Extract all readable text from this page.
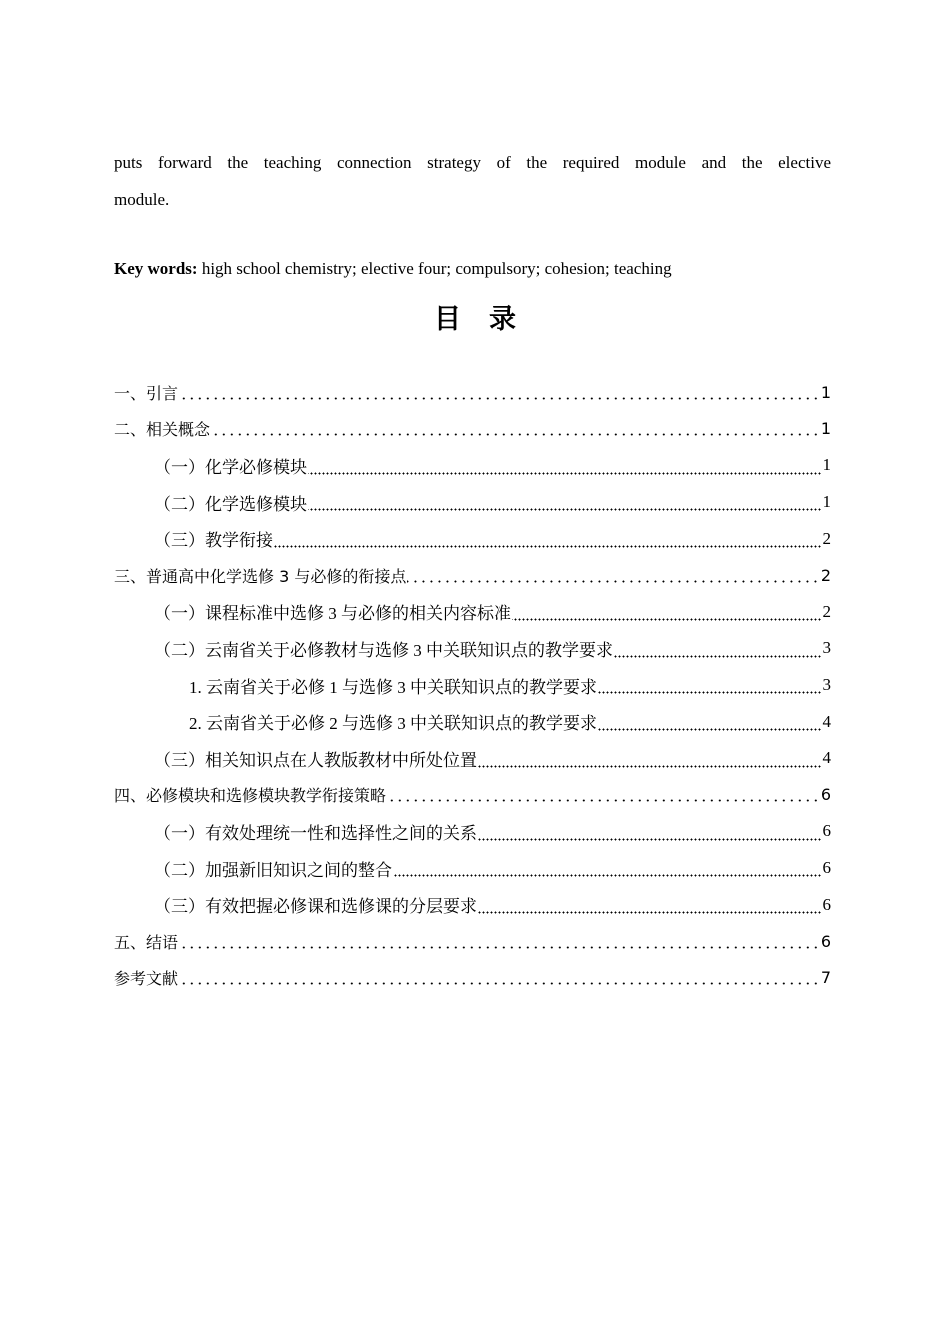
puts forward the teaching connection strategy of the required module and the elective
module.
Key words: high school chemistry; elective four; compulsory; cohesion; teaching
目 录
一、引言	1
二、相关概念	1
（一）化学必修模块	1
（二）化学选修模块	1
（三）教学衔接	2
三、普通高中化学选修 3 与必修的衔接点	2
（一）课程标准中选修 3 与必修的相关内容标准	2
（二）云南省关于必修教材与选修 3 中关联知识点的教学要求	3
1. 云南省关于必修 1 与选修 3 中关联知识点的教学要求	3
2. 云南省关于必修 2 与选修 3 中关联知识点的教学要求	4
（三）相关知识点在人教版教材中所处位置	4
四、必修模块和选修模块教学衔接策略	6
（一）有效处理统一性和选择性之间的关系	6
（二）加强新旧知识之间的整合	6
（三）有效把握必修课和选修课的分层要求	6
五、结语	6
参考文献	7
